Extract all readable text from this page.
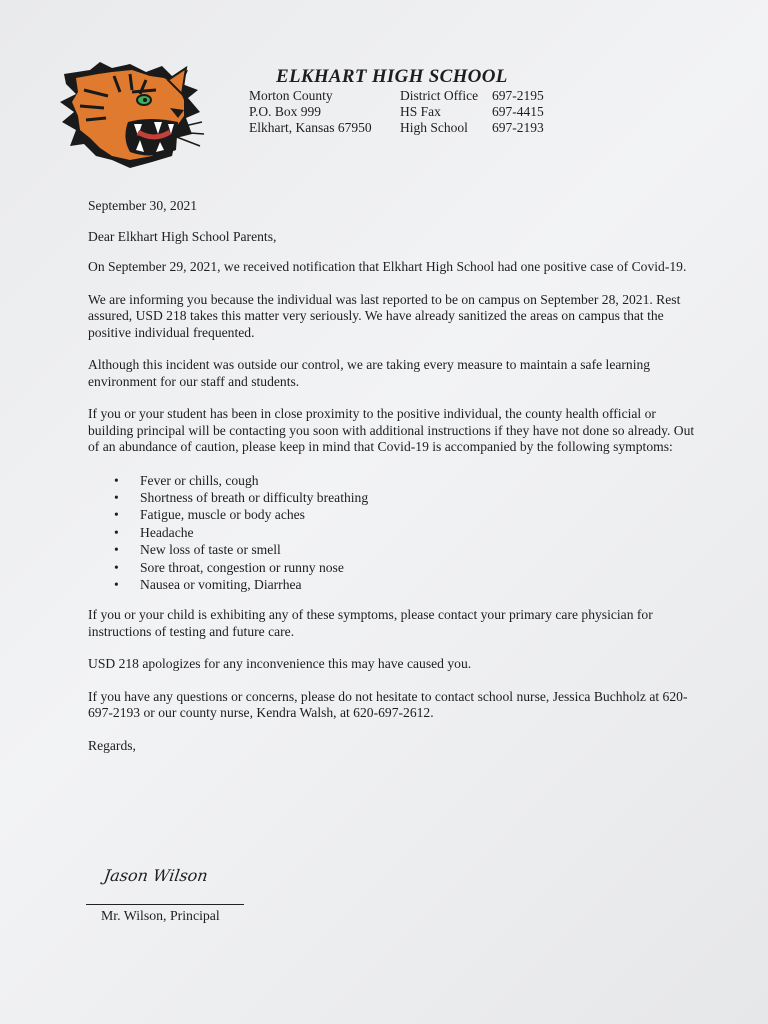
ELKHART HIGH SCHOOL
Morton County
P.O. Box 999
Elkhart, Kansas 67950
District Office
HS Fax
High School
697-2195
697-4415
697-2193

September 30, 2021

Dear Elkhart High School Parents,

On September 29, 2021, we received notification that Elkhart High School had one positive case of Covid-19.

We are informing you because the individual was last reported to be on campus on September 28, 2021. Rest assured, USD 218 takes this matter very seriously. We have already sanitized the areas on campus that the positive individual frequented.

Although this incident was outside our control, we are taking every measure to maintain a safe learning environment for our staff and students.

If you or your student has been in close proximity to the positive individual, the county health official or building principal will be contacting you soon with additional instructions if they have not done so already. Out of an abundance of caution, please keep in mind that Covid-19 is accompanied by the following symptoms:

• Fever or chills, cough
• Shortness of breath or difficulty breathing
• Fatigue, muscle or body aches
• Headache
• New loss of taste or smell
• Sore throat, congestion or runny nose
• Nausea or vomiting, Diarrhea

If you or your child is exhibiting any of these symptoms, please contact your primary care physician for instructions of testing and future care.

USD 218 apologizes for any inconvenience this may have caused you.

If you have any questions or concerns, please do not hesitate to contact school nurse, Jessica Buchholz at 620-697-2193 or our county nurse, Kendra Walsh, at 620-697-2612.

Regards,

Jason Wilson
Mr. Wilson, Principal
